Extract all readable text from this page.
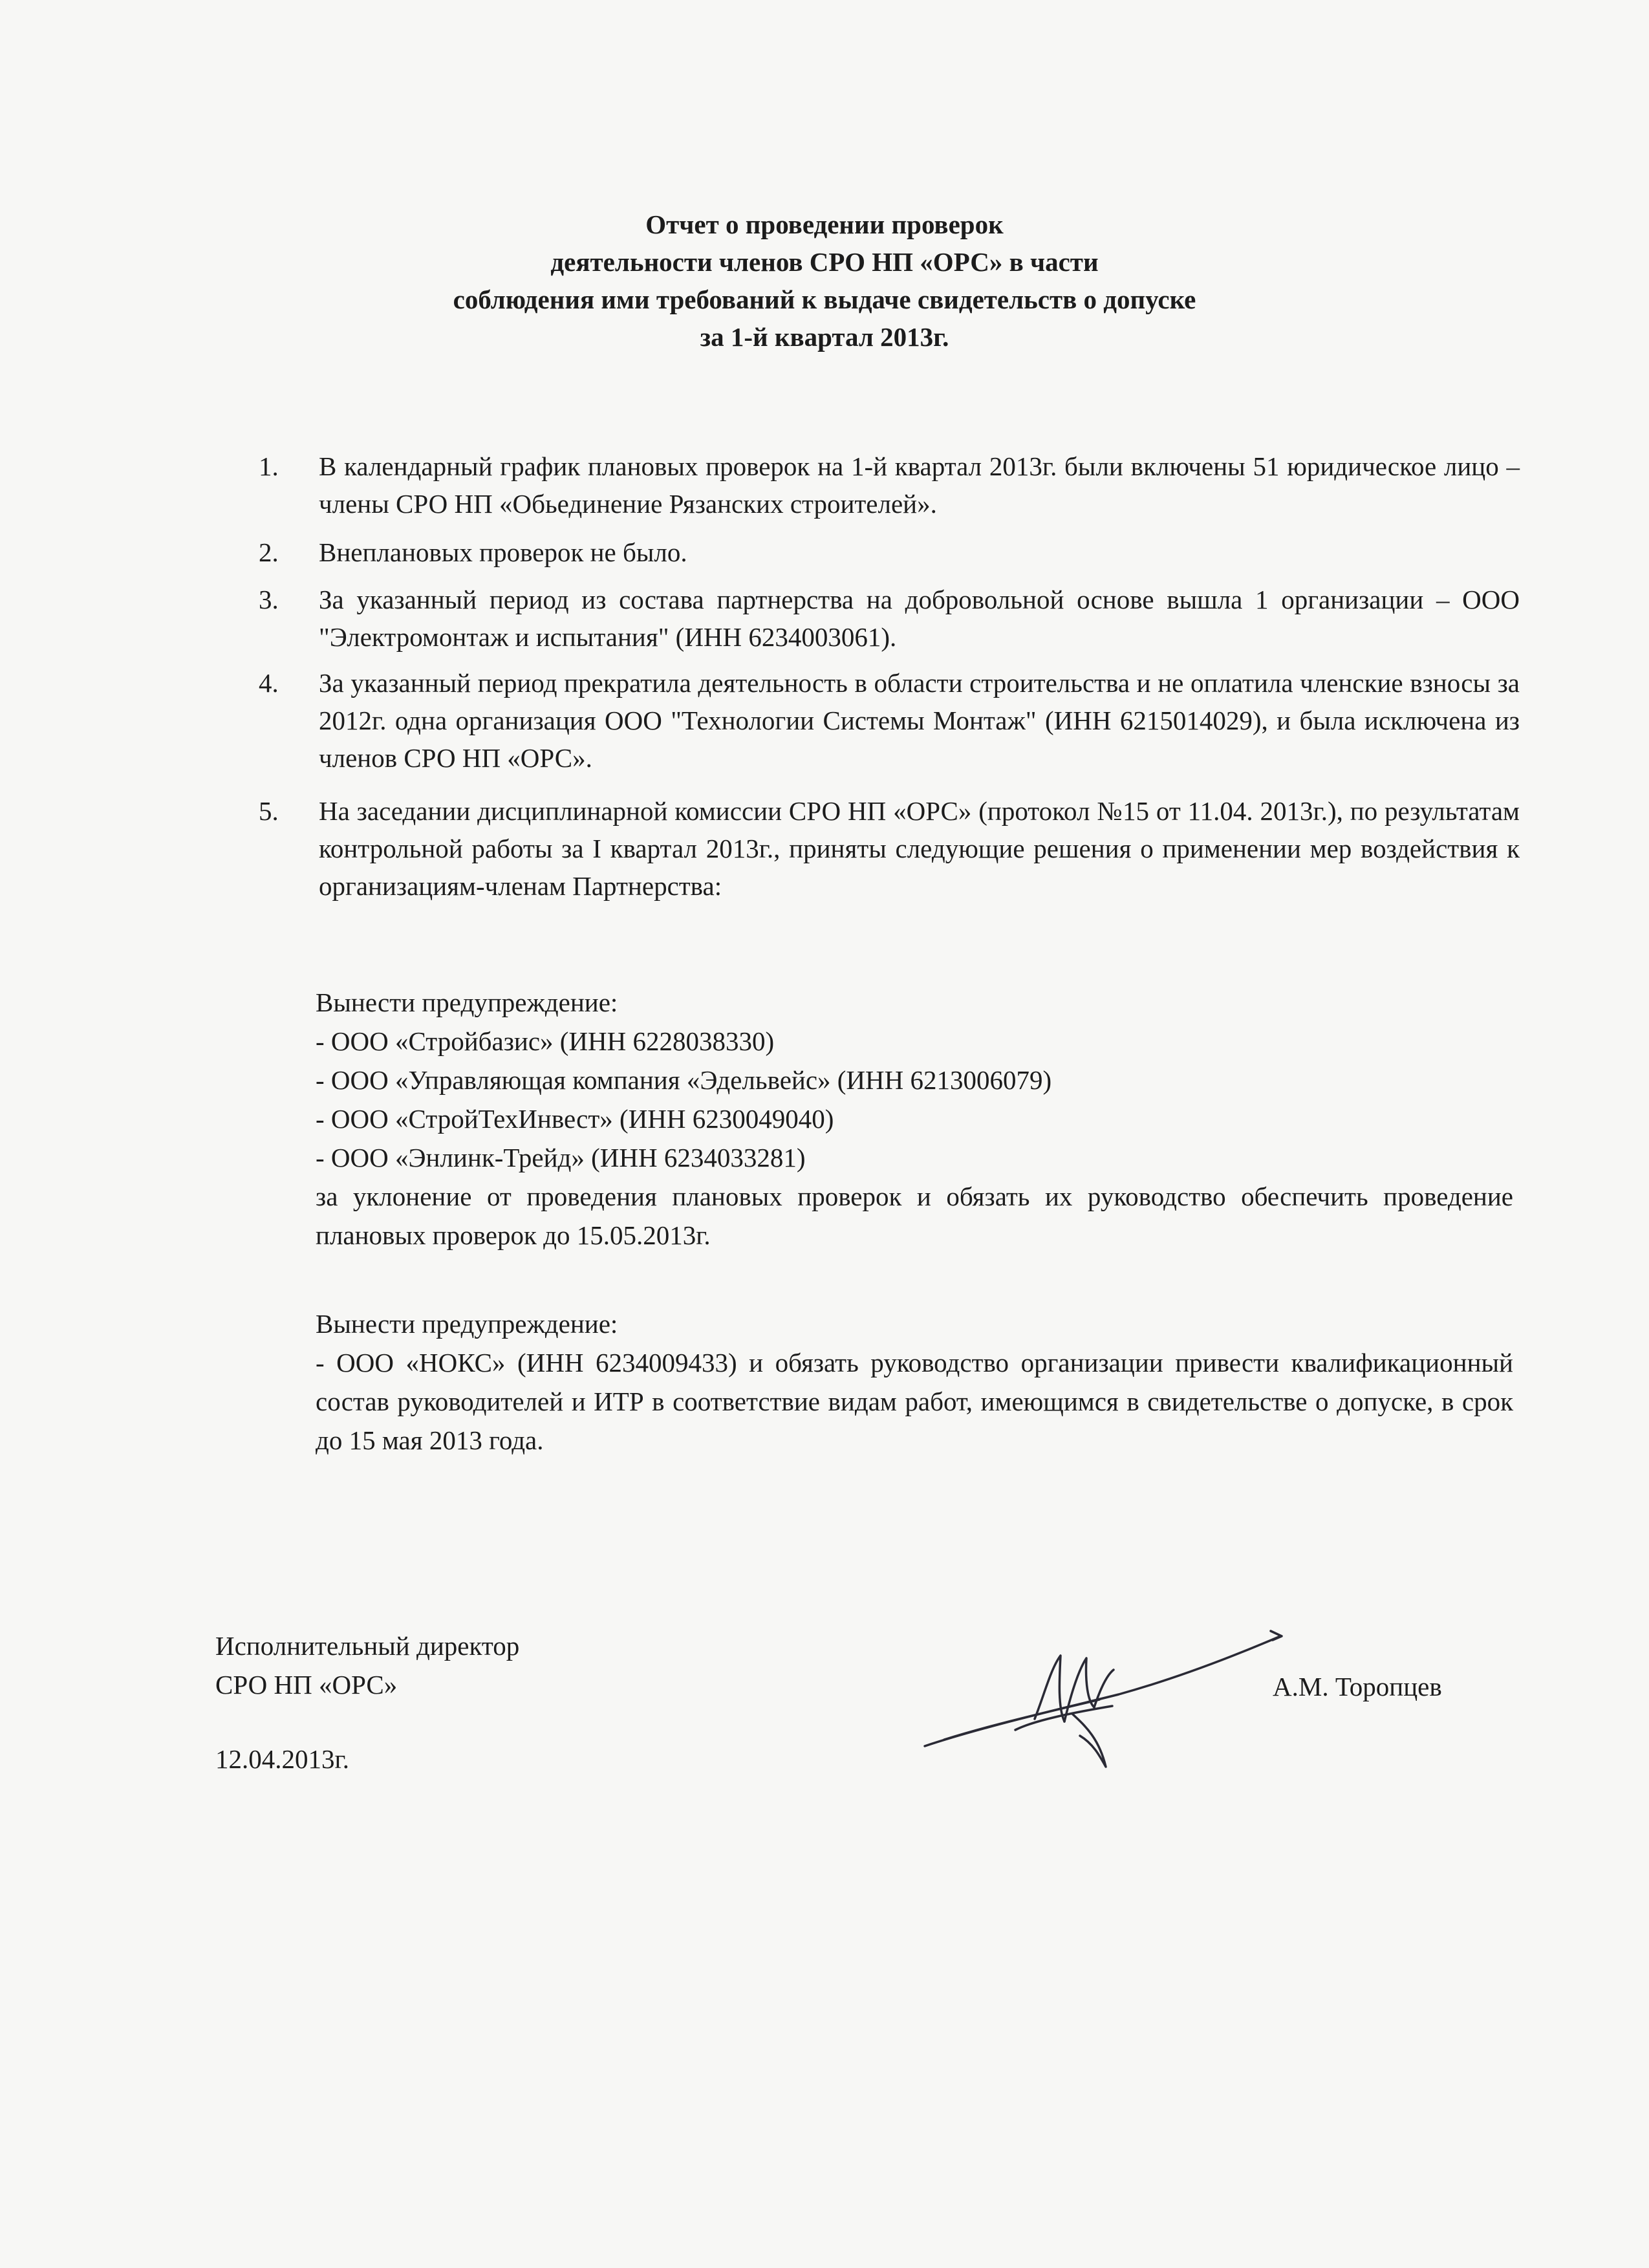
Отчет о проведении проверок
деятельности членов СРО НП «ОРС» в части
соблюдения ими требований к выдаче свидетельств о допуске
за 1-й квартал 2013г.
1.	В календарный график плановых проверок на 1-й квартал 2013г. были включены 51 юридическое лицо – члены СРО НП «Обьединение Рязанских строителей».
2.	Внеплановых проверок не было.
3.	За указанный период из состава партнерства на добровольной основе вышла 1 организации – ООО "Электромонтаж и испытания" (ИНН 6234003061).
4.	За указанный период прекратила деятельность в области строительства и не оплатила членские взносы за 2012г. одна организация ООО "Технологии Системы Монтаж" (ИНН 6215014029), и была исключена из членов СРО НП «ОРС».
5.	На заседании дисциплинарной комиссии СРО НП «ОРС» (протокол №15 от 11.04. 2013г.), по результатам контрольной работы за I квартал 2013г., приняты следующие решения о применении мер воздействия к организациям-членам Партнерства:
Вынести предупреждение:
- ООО «Стройбазис» (ИНН 6228038330)
- ООО «Управляющая компания «Эдельвейс» (ИНН 6213006079)
- ООО «СтройТехИнвест» (ИНН 6230049040)
- ООО «Энлинк-Трейд» (ИНН 6234033281)
за уклонение от проведения плановых проверок и обязать их руководство обеспечить проведение плановых проверок до 15.05.2013г.
Вынести предупреждение:
- ООО «НОКС» (ИНН 6234009433) и обязать руководство организации привести квалификационный состав руководителей и ИТР в соответствие видам работ, имеющимся в свидетельстве о допуске, в срок до 15 мая 2013 года.
Исполнительный директор
СРО НП «ОРС»	А.М. Торопцев
12.04.2013г.
